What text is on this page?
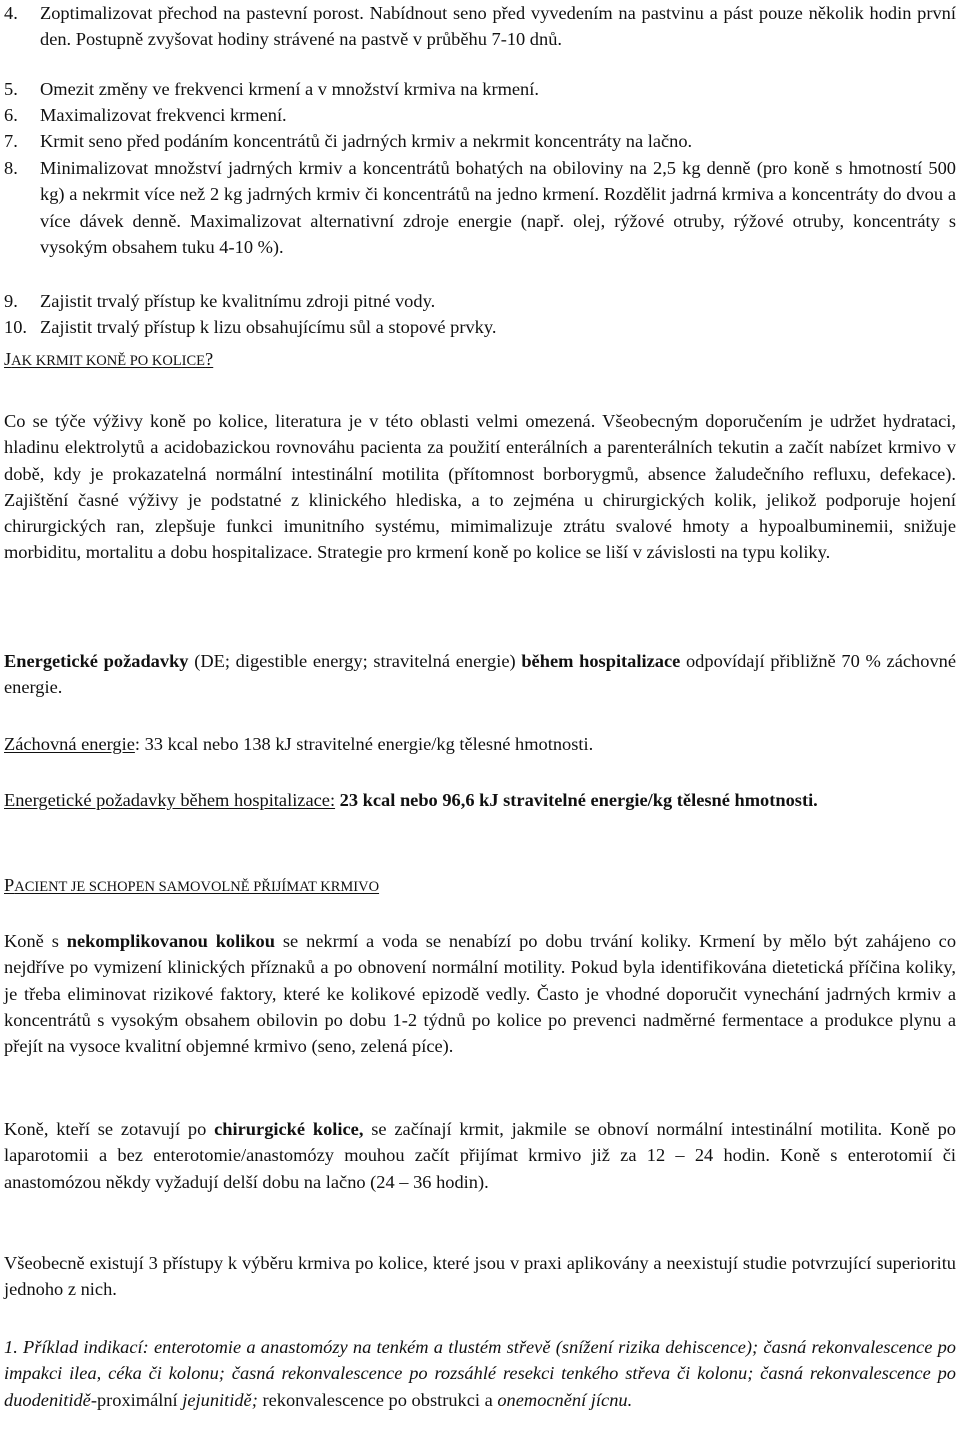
4.	Zoptimalizovat přechod na pastevní porost. Nabídnout seno před vyvedením na pastvinu a pást pouze několik hodin první den. Postupně zvyšovat hodiny strávené na pastvě v průběhu 7-10 dnů.
5.	Omezit změny ve frekvenci krmení a v množství krmiva na krmení.
6.	Maximalizovat frekvenci krmení.
7.	Krmit seno před podáním koncentrátů či jadrných krmiv a nekrmit koncentráty na lačno.
8.	Minimalizovat množství jadrných krmiv a koncentrátů bohatých na obiloviny na 2,5 kg denně (pro koně s hmotností 500 kg) a nekrmit více než 2 kg jadrných krmiv či koncentrátů na jedno krmení. Rozdělit jadrná krmiva a koncentráty do dvou a více dávek denně. Maximalizovat alternativní zdroje energie (např. olej, rýžové otruby, rýžové otruby, koncentráty s vysokým obsahem tuku 4-10 %).
9.	Zajistit trvalý přístup ke kvalitnímu zdroji pitné vody.
10. Zajistit trvalý přístup k lizu obsahujícímu sůl a stopové prvky.
JAK KRMIT KONĚ PO KOLICE?
Co se týče výživy koně po kolice, literatura je v této oblasti velmi omezená. Všeobecným doporučením je udržet hydrataci, hladinu elektrolytů a acidobazickou rovnováhu pacienta za použití enterálních a parenterálních tekutin a začít nabízet krmivo v době, kdy je prokazatelná normální intestinální motilita (přítomnost borborygmů, absence žaludečního refluxu, defekace). Zajištění časné výživy je podstatné z klinického hlediska, a to zejména u chirurgických kolik, jelikož podporuje hojení chirurgických ran, zlepšuje funkci imunitního systému, mimimalizuje ztrátu svalové hmoty a hypoalbuminemii, snižuje morbiditu, mortalitu a dobu hospitalizace. Strategie pro krmení koně po kolice se liší v závislosti na typu koliky.
Energetické požadavky (DE; digestible energy; stravitelná energie) během hospitalizace odpovídají přibližně 70 % záchovné energie.
Záchovná energie: 33 kcal nebo 138 kJ stravitelné energie/kg tělesné hmotnosti.
Energetické požadavky během hospitalizace: 23 kcal nebo 96,6 kJ stravitelné energie/kg tělesné hmotnosti.
PACIENT JE SCHOPEN SAMOVOLNĚ PŘIJÍMAT KRMIVO
Koně s nekomplikovanou kolikou se nekrmí a voda se nenabízí po dobu trvání koliky. Krmení by mělo být zahájeno co nejdříve po vymizení klinických příznaků a po obnovení normální motility. Pokud byla identifikována dietetická příčina koliky, je třeba eliminovat rizikové faktory, které ke kolikové epizodě vedly. Často je vhodné doporučit vynechání jadrných krmiv a koncentrátů s vysokým obsahem obilovin po dobu 1-2 týdnů po kolice po prevenci nadměrné fermentace a produkce plynu a přejít na vysoce kvalitní objemné krmivo (seno, zelená píce).
Koně, kteří se zotavují po chirurgické kolice, se začínají krmit, jakmile se obnoví normální intestinální motilita. Koně po laparotomii a bez enterotomie/anastomózy mouhou začít přijímat krmivo již za 12 – 24 hodin. Koně s enterotomií či anastomózou někdy vyžadují delší dobu na lačno (24 – 36 hodin).
Všeobecně existují 3 přístupy k výběru krmiva po kolice, které jsou v praxi aplikovány a neexistují studie potvrzující superioritu jednoho z nich.
1. Příklad indikací: enterotomie a anastomózy na tenkém a tlustém střevě (snížení rizika dehiscence); časná rekonvalescence po impakci ilea, céka či kolonu; časná rekonvalescence po rozsáhlé resekci tenkého střeva či kolonu; časná rekonvalescence po duodenitidě-proximální jejunitidě; rekonvalescence po obstrukci a onemocnění jícnu.
